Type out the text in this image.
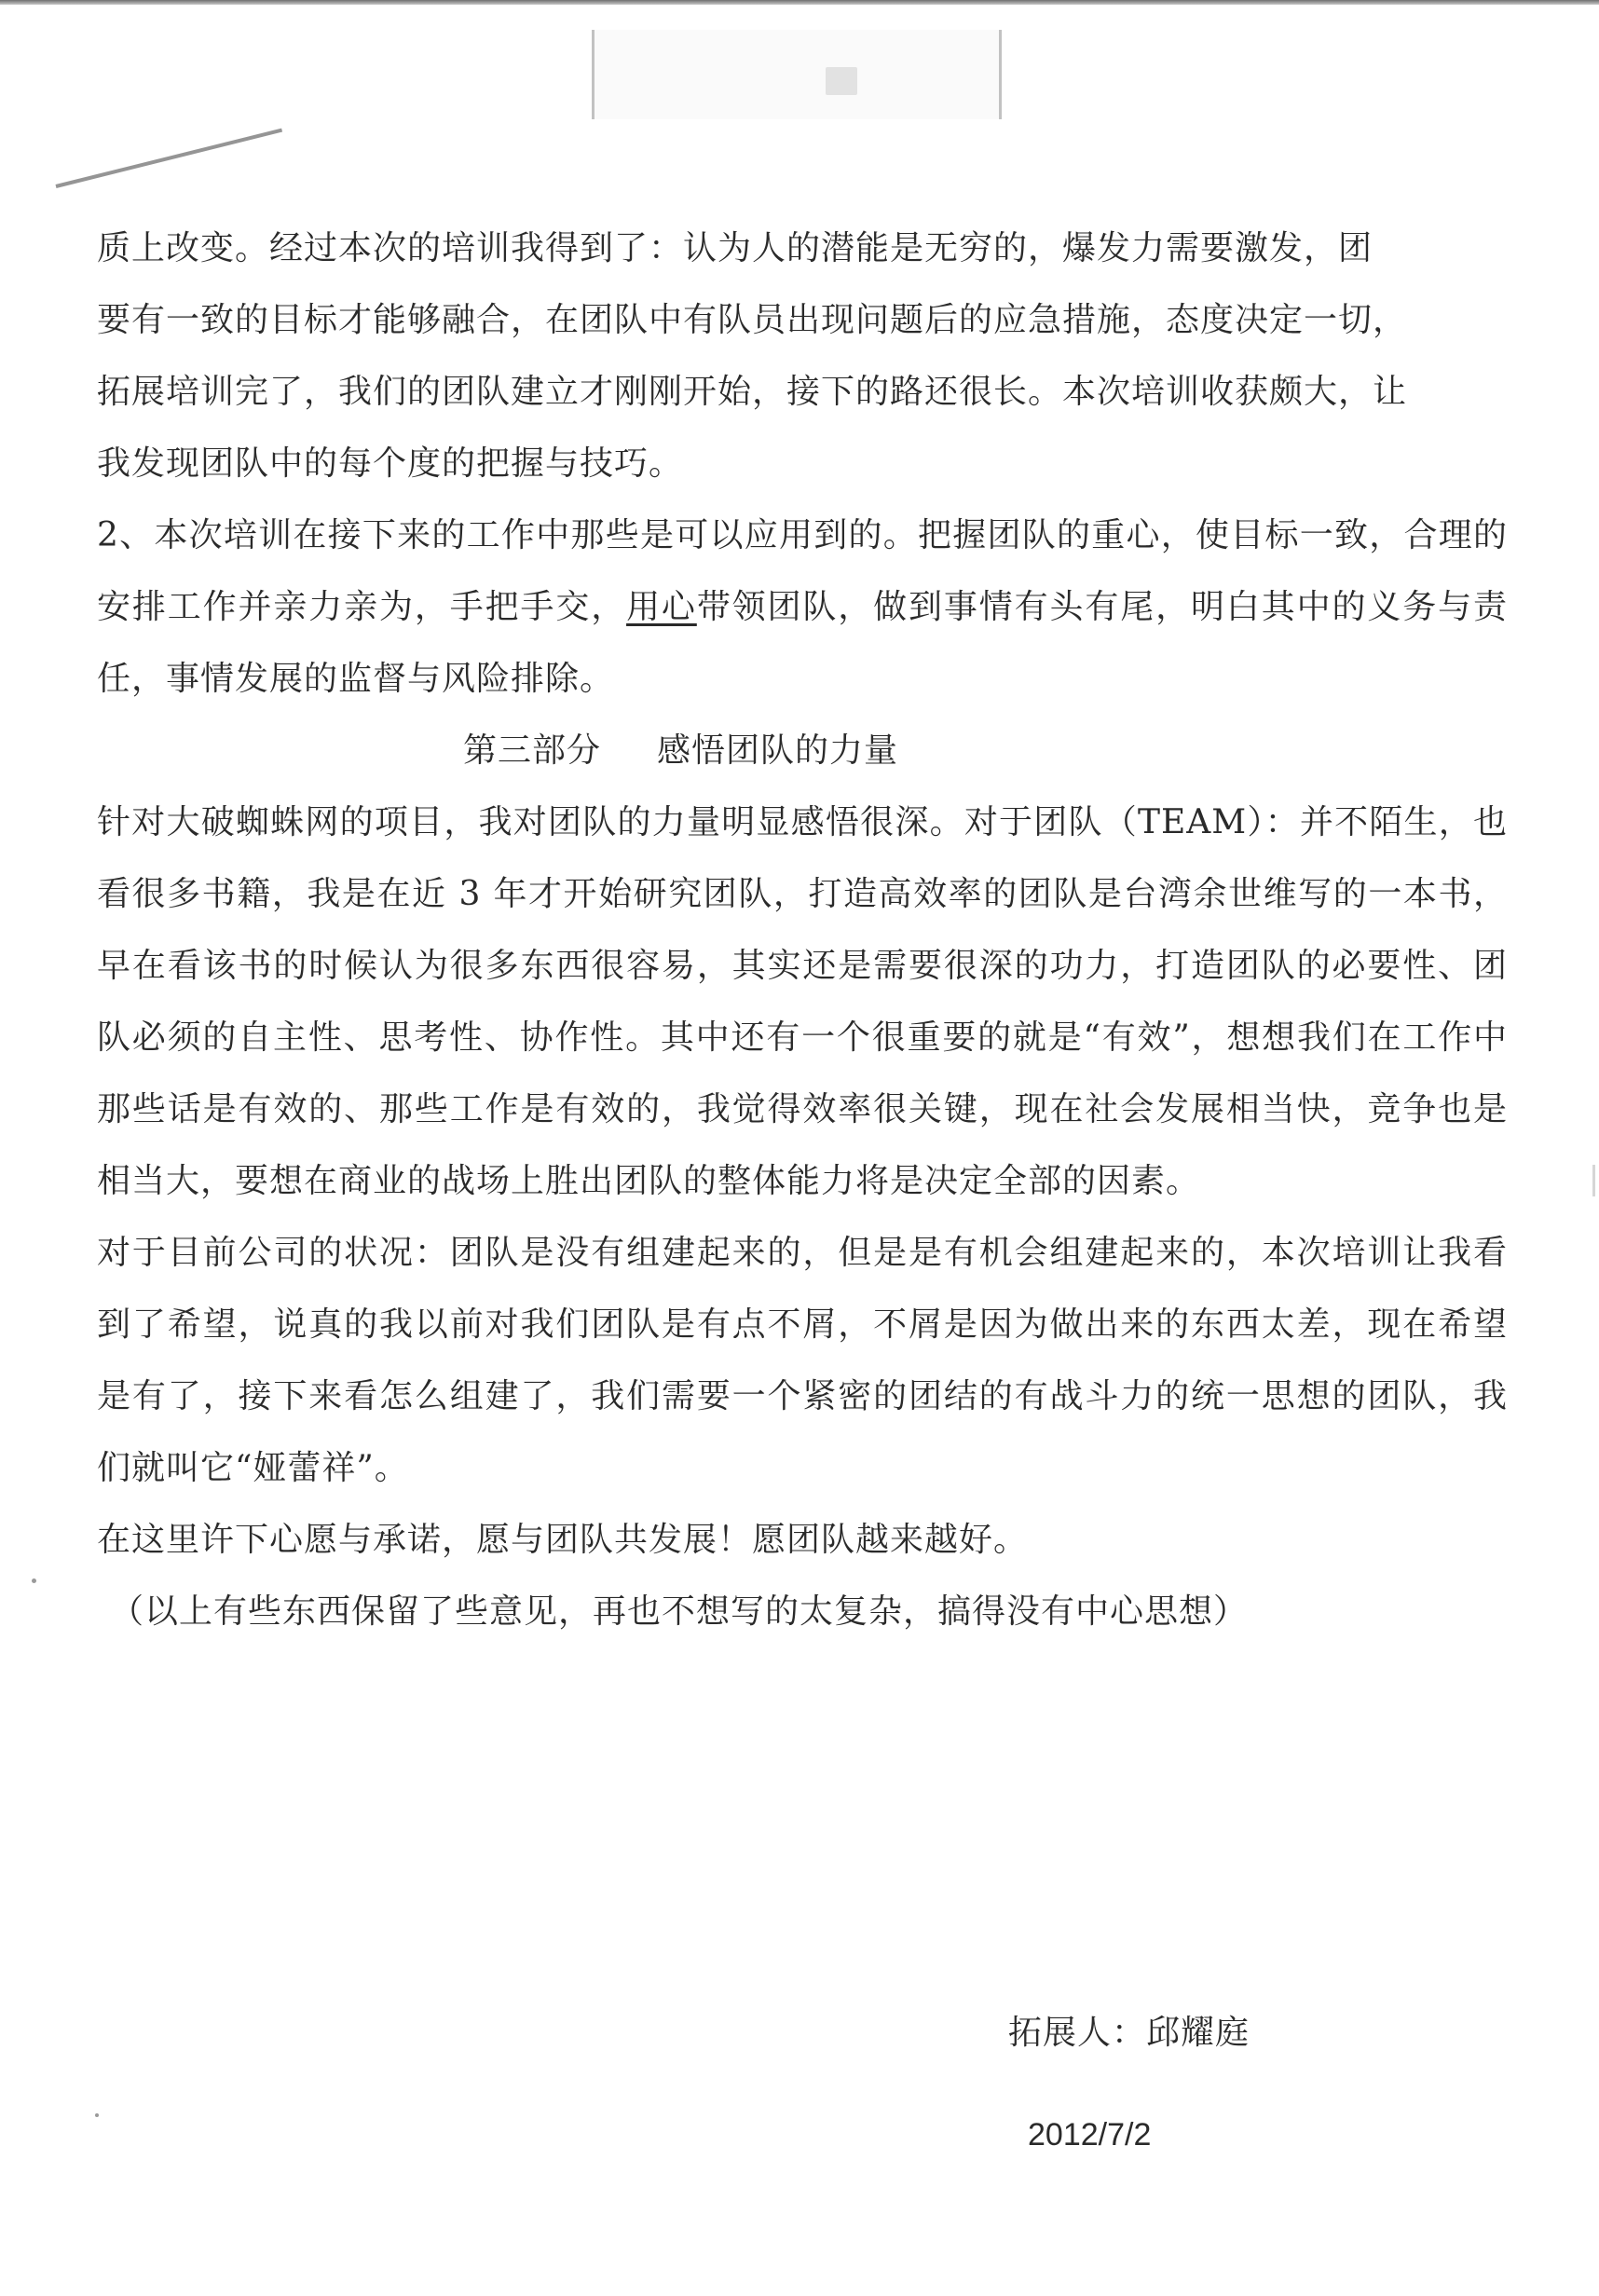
质上改变。经过本次的培训我得到了：认为人的潜能是无穷的，爆发力需要激发，团

要有一致的目标才能够融合，在团队中有队员出现问题后的应急措施，态度决定一切，

拓展培训完了，我们的团队建立才刚刚开始，接下的路还很长。本次培训收获颇大，让

我发现团队中的每个度的把握与技巧。

2、本次培训在接下来的工作中那些是可以应用到的。把握团队的重心，使目标一致，合理的安排工作并亲力亲为，手把手交，用心带领团队，做到事情有头有尾，明白其中的义务与责任，事情发展的监督与风险排除。

第三部分 感悟团队的力量

针对大破蜘蛛网的项目，我对团队的力量明显感悟很深。对于团队（TEAM）：并不陌生，也看很多书籍，我是在近 3 年才开始研究团队，打造高效率的团队是台湾余世维写的一本书，早在看该书的时候认为很多东西很容易，其实还是需要很深的功力，打造团队的必要性、团队必须的自主性、思考性、协作性。其中还有一个很重要的就是“有效”，想想我们在工作中那些话是有效的、那些工作是有效的，我觉得效率很关键，现在社会发展相当快，竞争也是相当大，要想在商业的战场上胜出团队的整体能力将是决定全部的因素。

对于目前公司的状况：团队是没有组建起来的，但是是有机会组建起来的，本次培训让我看到了希望，说真的我以前对我们团队是有点不屑，不屑是因为做出来的东西太差，现在希望是有了，接下来看怎么组建了，我们需要一个紧密的团结的有战斗力的统一思想的团队，我们就叫它“娅蕾祥”。

在这里许下心愿与承诺，愿与团队共发展！愿团队越来越好。

（以上有些东西保留了些意见，再也不想写的太复杂，搞得没有中心思想）

拓展人：邱耀庭
2012/7/2
